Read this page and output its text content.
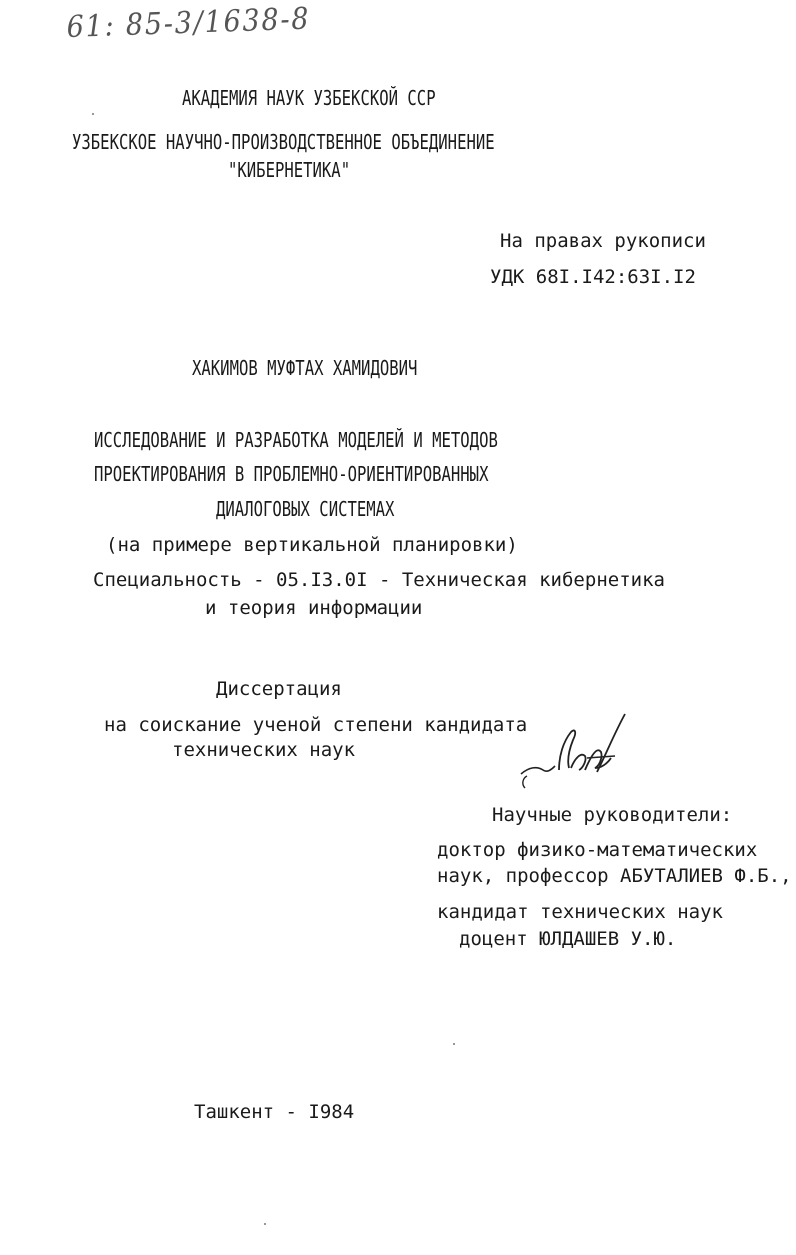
61: 85-3/1638-8
АКАДЕМИЯ НАУК УЗБЕКСКОЙ ССР
УЗБЕКСКОЕ НАУЧНО-ПРОИЗВОДСТВЕННОЕ ОБЪЕДИНЕНИЕ
"КИБЕРНЕТИКА"
На правах рукописи
УДК 68I.I42:63I.I2
ХАКИМОВ МУФТАХ ХАМИДОВИЧ
ИССЛЕДОВАНИЕ И РАЗРАБОТКА МОДЕЛЕЙ И МЕТОДОВ
ПРОЕКТИРОВАНИЯ В ПРОБЛЕМНО-ОРИЕНТИРОВАННЫХ
ДИАЛОГОВЫХ СИСТЕМАХ
(на примере вертикальной планировки)
Специальность - 05.I3.0I - Техническая кибернетика
и теория информации
Диссертация
на соискание ученой степени кандидата
технических наук
Научные руководители:
доктор физико-математических
наук, профессор АБУТАЛИЕВ Ф.Б.,
кандидат технических наук
доцент ЮЛДАШЕВ У.Ю.
Ташкент - I984
